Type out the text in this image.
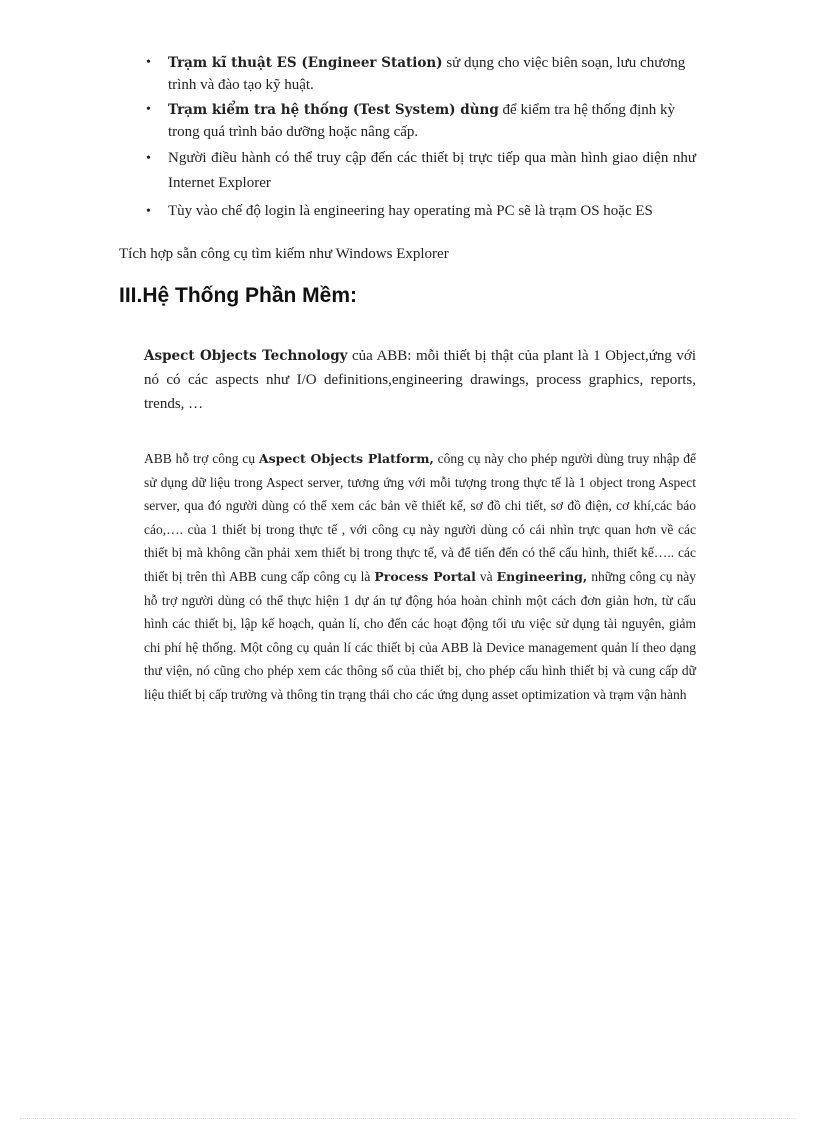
• Trạm kĩ thuật ES (Engineer Station) sử dụng cho việc biên soạn, lưu chương trình và đào tạo kỹ huật.
• Trạm kiểm tra hệ thống (Test System) dùng để kiểm tra hệ thống định kỳ trong quá trình bảo dưỡng hoặc nâng cấp.
• Người điều hành có thể truy cập đến các thiết bị trực tiếp qua màn hình giao diện như Internet Explorer
• Tùy vào chế độ login là engineering hay operating mà PC sẽ là trạm OS hoặc ES
Tích hợp sẵn công cụ tìm kiếm như Windows Explorer
III.Hệ Thống Phần Mềm:

Aspect Objects Technology của ABB: mỗi thiết bị thật của plant là 1 Object,ứng với nó có các aspects như I/O definitions,engineering drawings, process graphics, reports, trends, …

ABB hỗ trợ công cụ Aspect Objects Platform, công cụ này cho phép người dùng truy nhập để sử dụng dữ liệu trong Aspect server, tương ứng với mỗi tượng trong thực tế là 1 object trong Aspect server, qua đó người dùng có thể xem các bản vẽ thiết kế, sơ đồ chi tiết, sơ đồ điện, cơ khí,các báo cáo,…. của 1 thiết bị trong thực tế , với công cụ này người dùng có cái nhìn trực quan hơn về các thiết bị mà không cần phải xem thiết bị trong thực tế, và để tiến đến có thể cấu hình, thiết kế….. các thiết bị trên thì ABB cung cấp công cụ là Process Portal và Engineering, những công cụ này hỗ trợ người dùng có thể thực hiện 1 dự án tự động hóa hoàn chỉnh một cách đơn giản hơn, từ cấu hình các thiết bị, lập kế hoạch, quản lí, cho đến các hoạt động tối ưu việc sử dụng tài nguyên, giảm chi phí hệ thống. Một công cụ quản lí các thiết bị của ABB là Device management quản lí theo dạng thư viện, nó cũng cho phép xem các thông số của thiết bị, cho phép cấu hình thiết bị và cung cấp dữ liệu thiết bị cấp trường và thông tin trạng thái cho các ứng dụng asset optimization và trạm vận hành
